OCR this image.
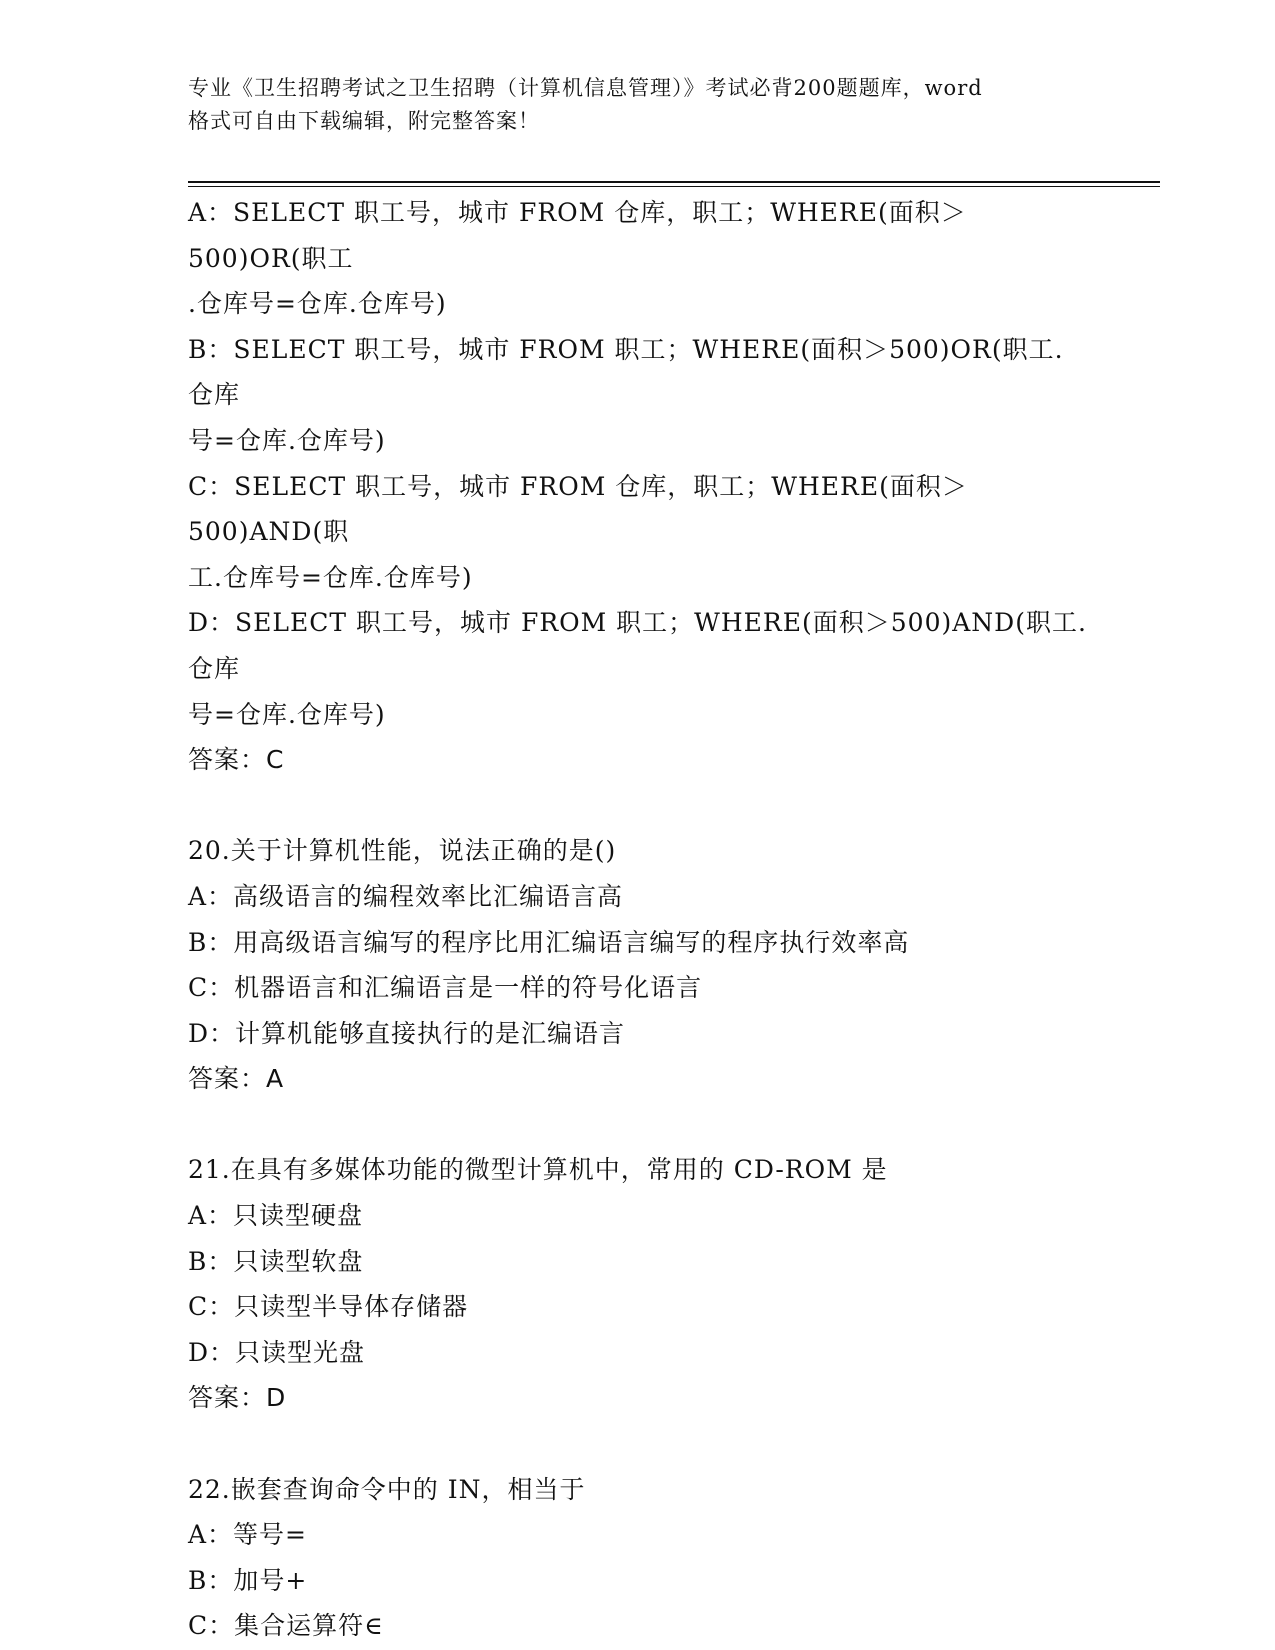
专业《卫生招聘考试之卫生招聘（计算机信息管理）》考试必背200题题库，word

格式可自由下载编辑，附完整答案！

A：SELECT 职工号，城市 FROM 仓库，职工；WHERE(面积＞500)OR(职工

.仓库号=仓库.仓库号)

B：SELECT 职工号，城市 FROM 职工；WHERE(面积＞500)OR(职工.仓库

号=仓库.仓库号)

C：SELECT 职工号，城市 FROM 仓库，职工；WHERE(面积＞500)AND(职

工.仓库号=仓库.仓库号)

D：SELECT 职工号，城市 FROM 职工；WHERE(面积＞500)AND(职工.仓库

号=仓库.仓库号)

答案：C

20.关于计算机性能，说法正确的是()

A：高级语言的编程效率比汇编语言高

B：用高级语言编写的程序比用汇编语言编写的程序执行效率高

C：机器语言和汇编语言是一样的符号化语言

D：计算机能够直接执行的是汇编语言

答案：A

21.在具有多媒体功能的微型计算机中，常用的 CD-ROM 是

A：只读型硬盘

B：只读型软盘

C：只读型半导体存储器

D：只读型光盘

答案：D

22.嵌套查询命令中的 IN，相当于

A：等号=

B：加号+

C：集合运算符∈
